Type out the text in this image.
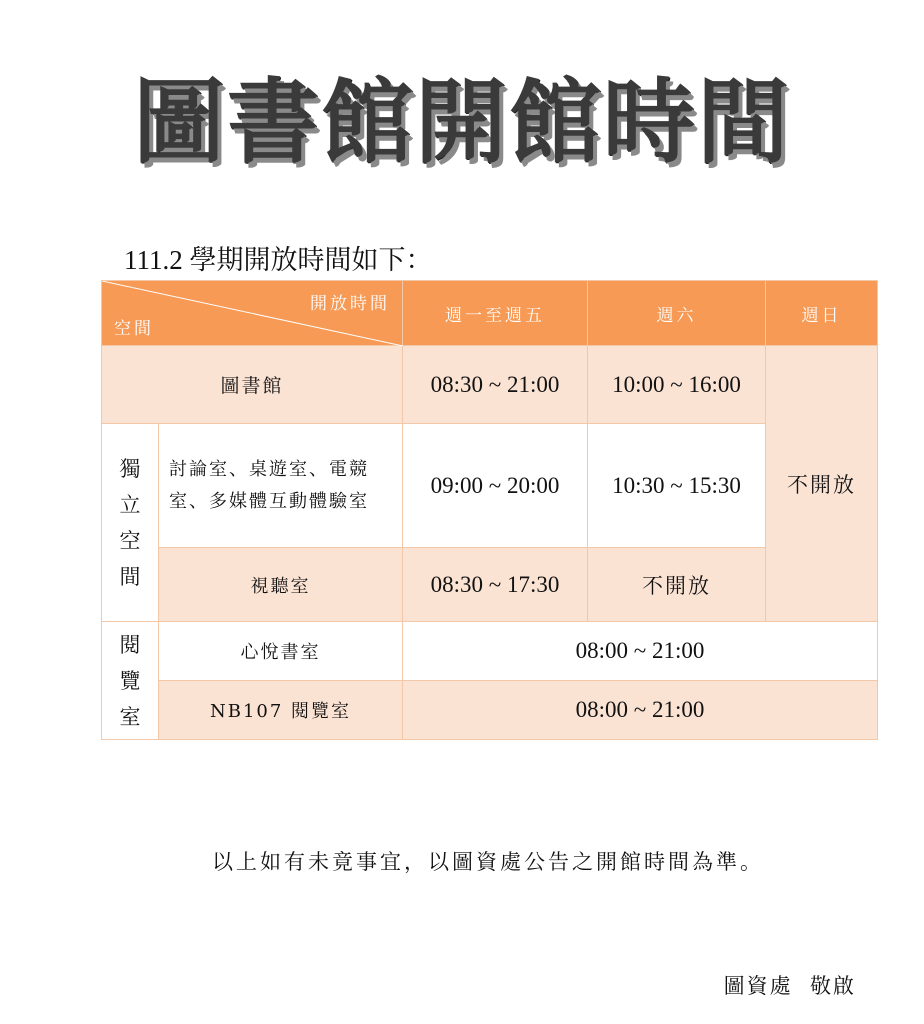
圖書館開館時間
111.2 學期開放時間如下：
開放時間
空間		週一至週五	週六	週日
圖書館		08:30 ~ 21:00	10:00 ~ 16:00	不開放
獨立空間	討論室、桌遊室、電競室、多媒體互動體驗室	09:00 ~ 20:00	10:30 ~ 15:30	
	視聽室	08:30 ~ 17:30	不開放	
閱覽室	心悅書室	08:00 ~ 21:00		
	NB107 閱覽室	08:00 ~ 21:00		
以上如有未竟事宜，以圖資處公告之開館時間為準。
圖資處  敬啟
